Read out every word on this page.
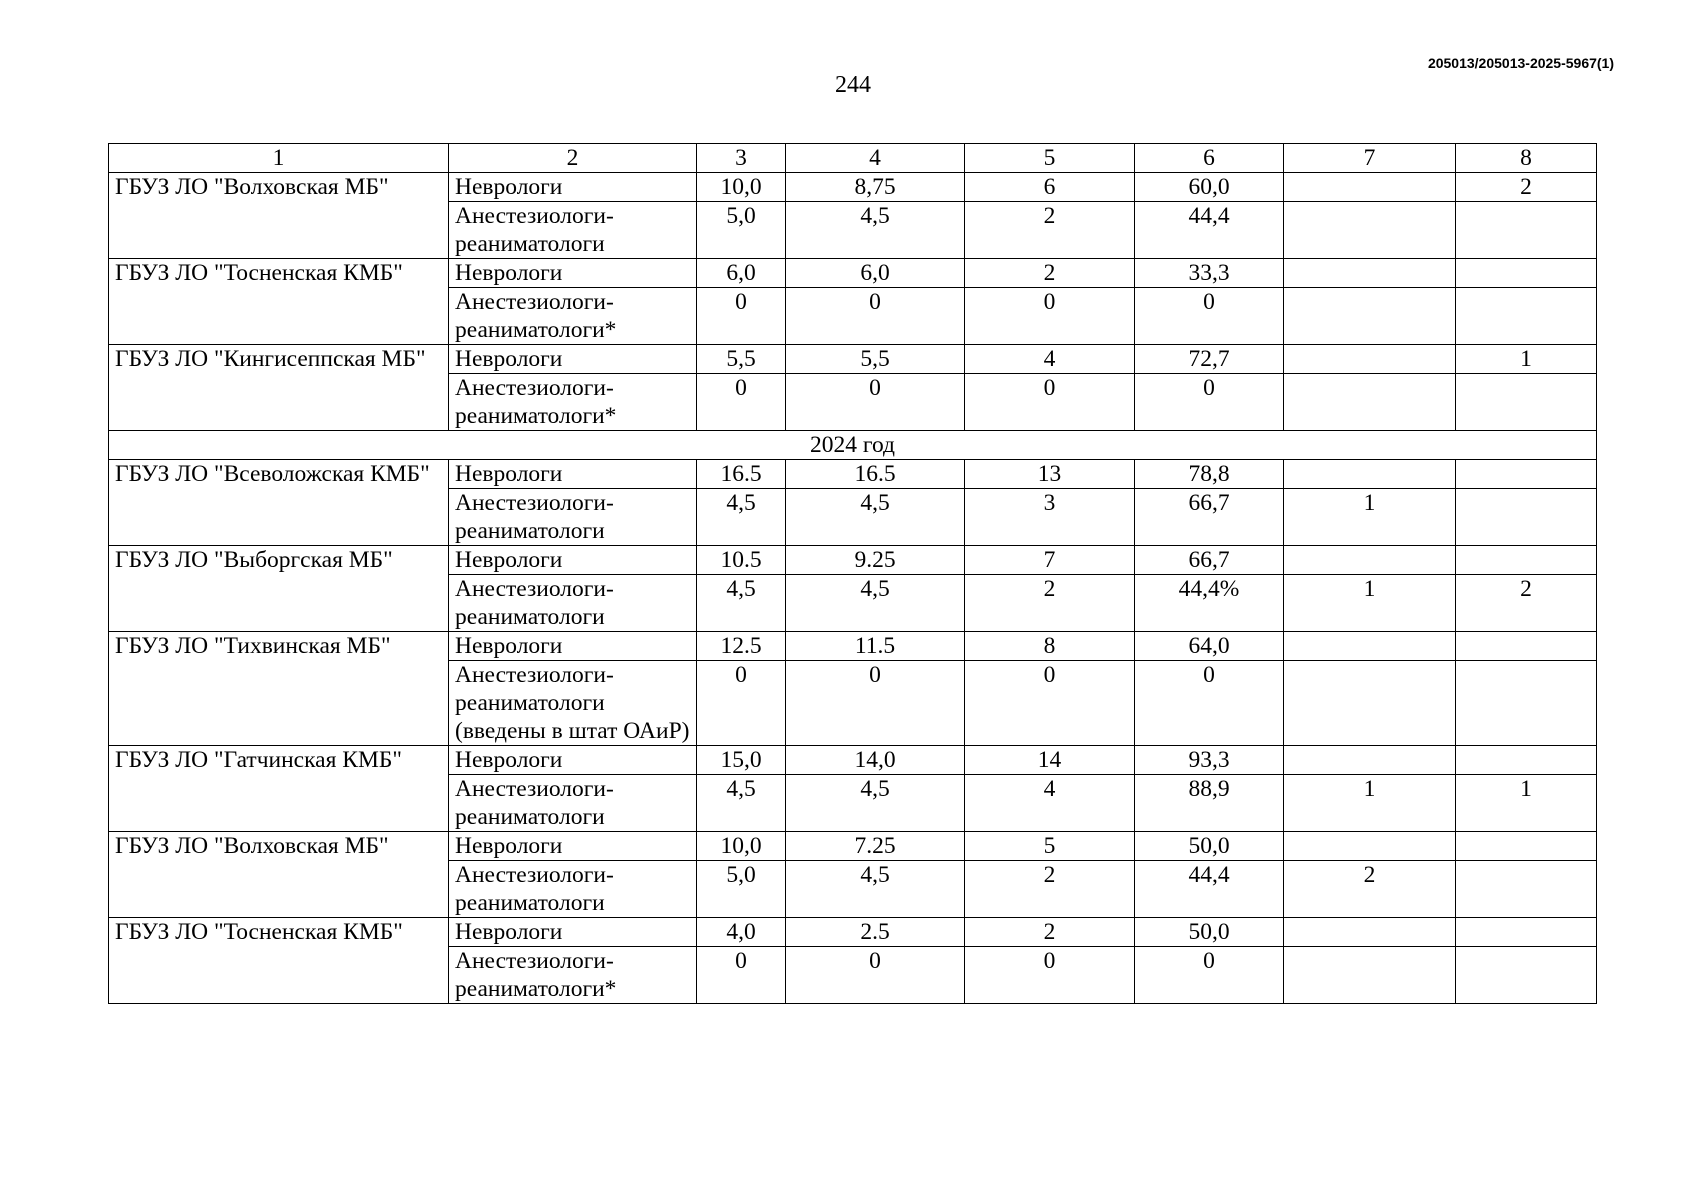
205013/205013-2025-5967(1)
244
1	2	3	4	5	6	7	8
ГБУЗ ЛО "Волховская МБ"	Неврологи	10,0	8,75	6	60,0		2
	Анестезиологи-реаниматологи	5,0	4,5	2	44,4		
ГБУЗ ЛО "Тосненская КМБ"	Неврологи	6,0	6,0	2	33,3		
	Анестезиологи-реаниматологи*	0	0	0	0		
ГБУЗ ЛО "Кингисеппская МБ"	Неврологи	5,5	5,5	4	72,7		1
	Анестезиологи-реаниматологи*	0	0	0	0		
2024 год							
ГБУЗ ЛО "Всеволожская КМБ"	Неврологи	16.5	16.5	13	78,8		
	Анестезиологи-реаниматологи	4,5	4,5	3	66,7	1	
ГБУЗ ЛО "Выборгская МБ"	Неврологи	10.5	9.25	7	66,7		
	Анестезиологи-реаниматологи	4,5	4,5	2	44,4%	1	2
ГБУЗ ЛО "Тихвинская МБ"	Неврологи	12.5	11.5	8	64,0		
	Анестезиологи-реаниматологи (введены в штат ОАиР)	0	0	0	0		
ГБУЗ ЛО "Гатчинская КМБ"	Неврологи	15,0	14,0	14	93,3		
	Анестезиологи-реаниматологи	4,5	4,5	4	88,9	1	1
ГБУЗ ЛО "Волховская МБ"	Неврологи	10,0	7.25	5	50,0		
	Анестезиологи-реаниматологи	5,0	4,5	2	44,4	2	
ГБУЗ ЛО "Тосненская КМБ"	Неврологи	4,0	2.5	2	50,0		
	Анестезиологи-реаниматологи*	0	0	0	0		
